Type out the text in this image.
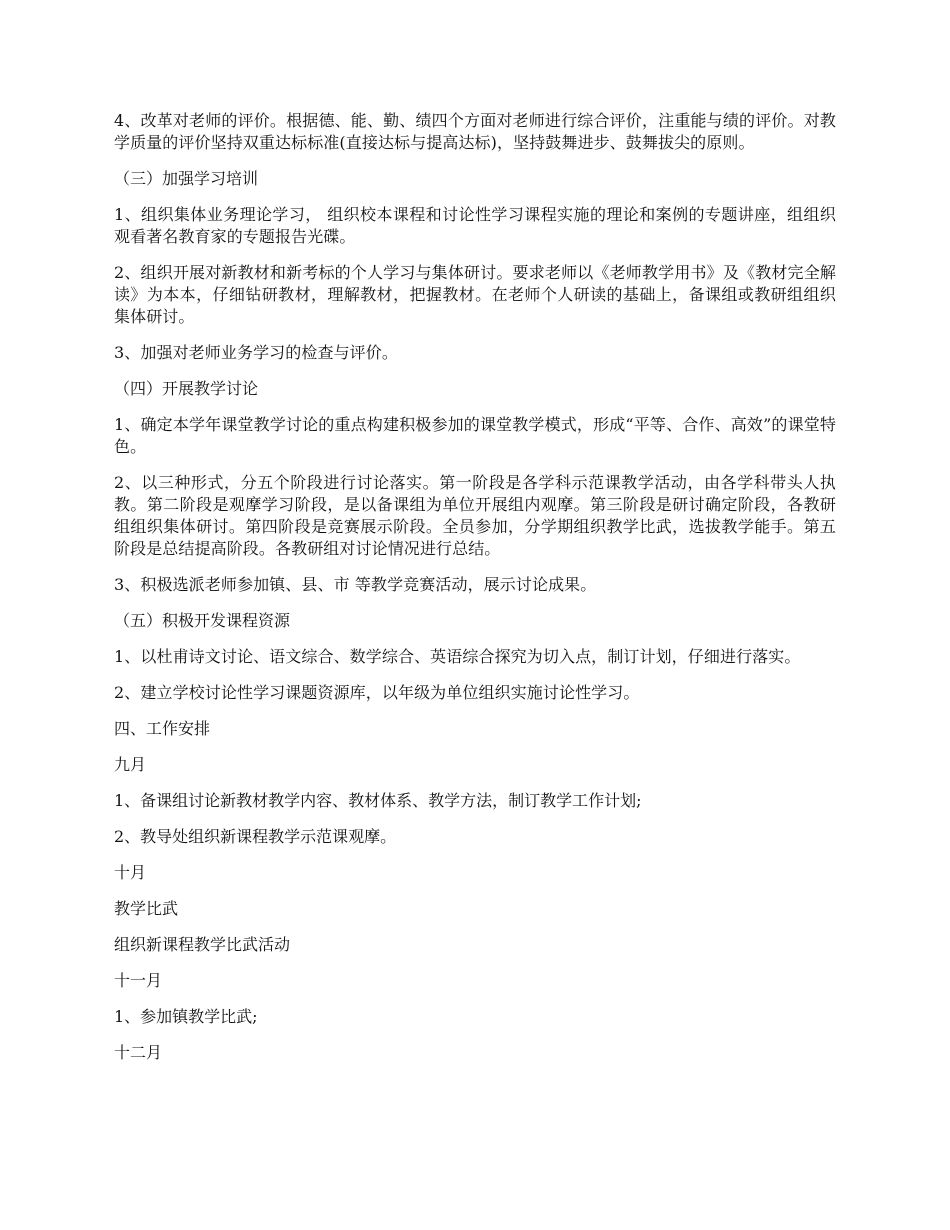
4、改革对老师的评价。根据德、能、勤、绩四个方面对老师进行综合评价，注重能与绩的评价。对教学质量的评价坚持双重达标标准(直接达标与提高达标)，坚持鼓舞进步、鼓舞拔尖的原则。

（三）加强学习培训

1、组织集体业务理论学习， 组织校本课程和讨论性学习课程实施的理论和案例的专题讲座，组组织观看著名教育家的专题报告光碟。

2、组织开展对新教材和新考标的个人学习与集体研讨。要求老师以《老师教学用书》及《教材完全解读》为本本，仔细钻研教材，理解教材，把握教材。在老师个人研读的基础上，备课组或教研组组织集体研讨。

3、加强对老师业务学习的检查与评价。

（四）开展教学讨论

1、确定本学年课堂教学讨论的重点构建积极参加的课堂教学模式，形成“平等、合作、高效”的课堂特色。

2、以三种形式，分五个阶段进行讨论落实。第一阶段是各学科示范课教学活动，由各学科带头人执教。第二阶段是观摩学习阶段，是以备课组为单位开展组内观摩。第三阶段是研讨确定阶段，各教研组组织集体研讨。第四阶段是竞赛展示阶段。全员参加，分学期组织教学比武，选拔教学能手。第五阶段是总结提高阶段。各教研组对讨论情况进行总结。

3、积极选派老师参加镇、县、市 等教学竞赛活动，展示讨论成果。

（五）积极开发课程资源

1、以杜甫诗文讨论、语文综合、数学综合、英语综合探究为切入点，制订计划，仔细进行落实。

2、建立学校讨论性学习课题资源库，以年级为单位组织实施讨论性学习。

四、工作安排

九月

1、备课组讨论新教材教学内容、教材体系、教学方法，制订教学工作计划;

2、教导处组织新课程教学示范课观摩。

十月

教学比武

组织新课程教学比武活动

十一月

1、参加镇教学比武;

十二月
